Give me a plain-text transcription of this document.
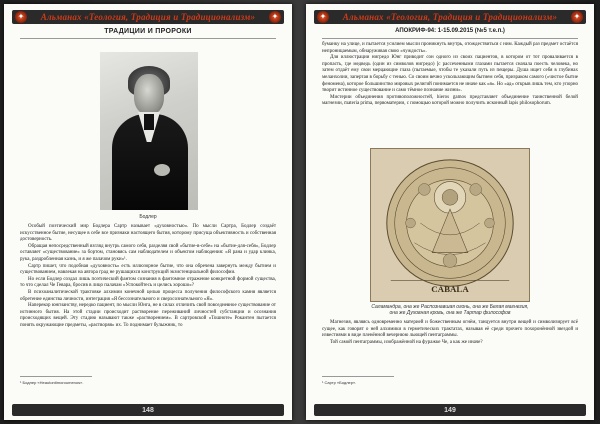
✦ Альманах «Теология, Традиция и Традиционализм»	✦
ТРАДИЦИИ И ПРОРОКИ
Бодлер

Особый поэтический мир Бодлера Сартр называет «духовностью». По мысли Сартра, Бодлер создаёт искусственное бытие, несущее в себе все признаки настоящего бытия, которому присуща объективность и собственная достоверность.

Обращая непосредственный взгляд внутрь самого себя, разделяя свой «бытие-в-себе» на «бытие-для-себя», Бодлер оставляет «существование» за бортом, становясь сам наблюдателем и объектом наблюдения: «Я рана и удар клинка, рука, раздробленная казнь, и я же палачом руки»¹.

Сартр пишет, что подобная «духовность» есть иллюзорное бытие, что она обречена завернуть между бытием и существованием, навлекая на автора град не рушащихся конструкций экзистенциальной философии.

Но если Бодлер создал лишь поэтический фантом сознания в фантомное отражение конкретной формой существа, то что сделал Че Гевара, бросив в лицо палачам «Успокойтесь и целись хорошо»?

В психоаналитической трактовке алхимии конечной целью процесса получения философского камня является обретение единства личности, интеграция «Я бессознательного и сверхсознательного «Я».

Наперекор юнгианству, нередко пациент, по мысли Юнга, не в силах отличить свой повседневное существование от истинного бытия. На этой стадии происходит растворение переживаний личностей субстанции и осознания происходящих вещей. Эту стадию называют также «растворением». В сартровской «Тошноте» Рокантен пытается понять окружающие предметы, «растворяя» их. То поднимает булыжник, то

¹ Бодлер «Heautontimoroumenos».
148
✦ Альманах «Теология, Традиция и Традиционализм»	✦
АПОКРИФ-94: 1-15.09.2015 (№5 т.е.п.)

буманку на улице, и пытается усилием мысли проникнуть внутрь, отождествиться с ним. Каждый раз предмет остаётся непроницаемым, обнаруживая свою «чуждость».

Для иллюстрации нигредо Юнг приводит сон одного из своих пациентов, в котором от тот проваливается в пропасть, где медведь (один из символов нигредо) [с рассеченными глазами пытается сначала поесть человека, но затем отдаёт ему свои мерцающие глаза (пытаемые, чтобы те указали путь из пещеры. Душа ищет себя в глубинах меланхолии, запертая в борьбу с тенью. Со своим вечно ускользающим бытием себя, призраком самого («чистое бытие феномена), которое большинство мировых религий понимается не иначе как «я». Но «ад» открыв лишь тем, кто упорно творит истинное существование и само тёмное познание жизни».

Мистерии объединения противоположностей, hieros gamos представляет объединение таинственной белой магнезии, materia prima, первоматерии, с помощью которой можно получить исконный lapis philosophorum.

CABALA
Саламандра, она же Распознавшая огонь, она же Белая магнезия,
она же Духовная кровь, она же Тартар философов

Магнезия, являясь одновременно материей и божественным огнём, танцуется внутри вещей и символизирует всё сущее, как говорят о ней алхимики в герметических трактатах, называя её среди прочего похоронённой звездой и известиями в виде пленённой вечернюю льющей пентаграммы.

Той самой пентаграммы, изображённой на фуражке Че, а как же иначе?

¹ Сартр «Бодлер».
149
